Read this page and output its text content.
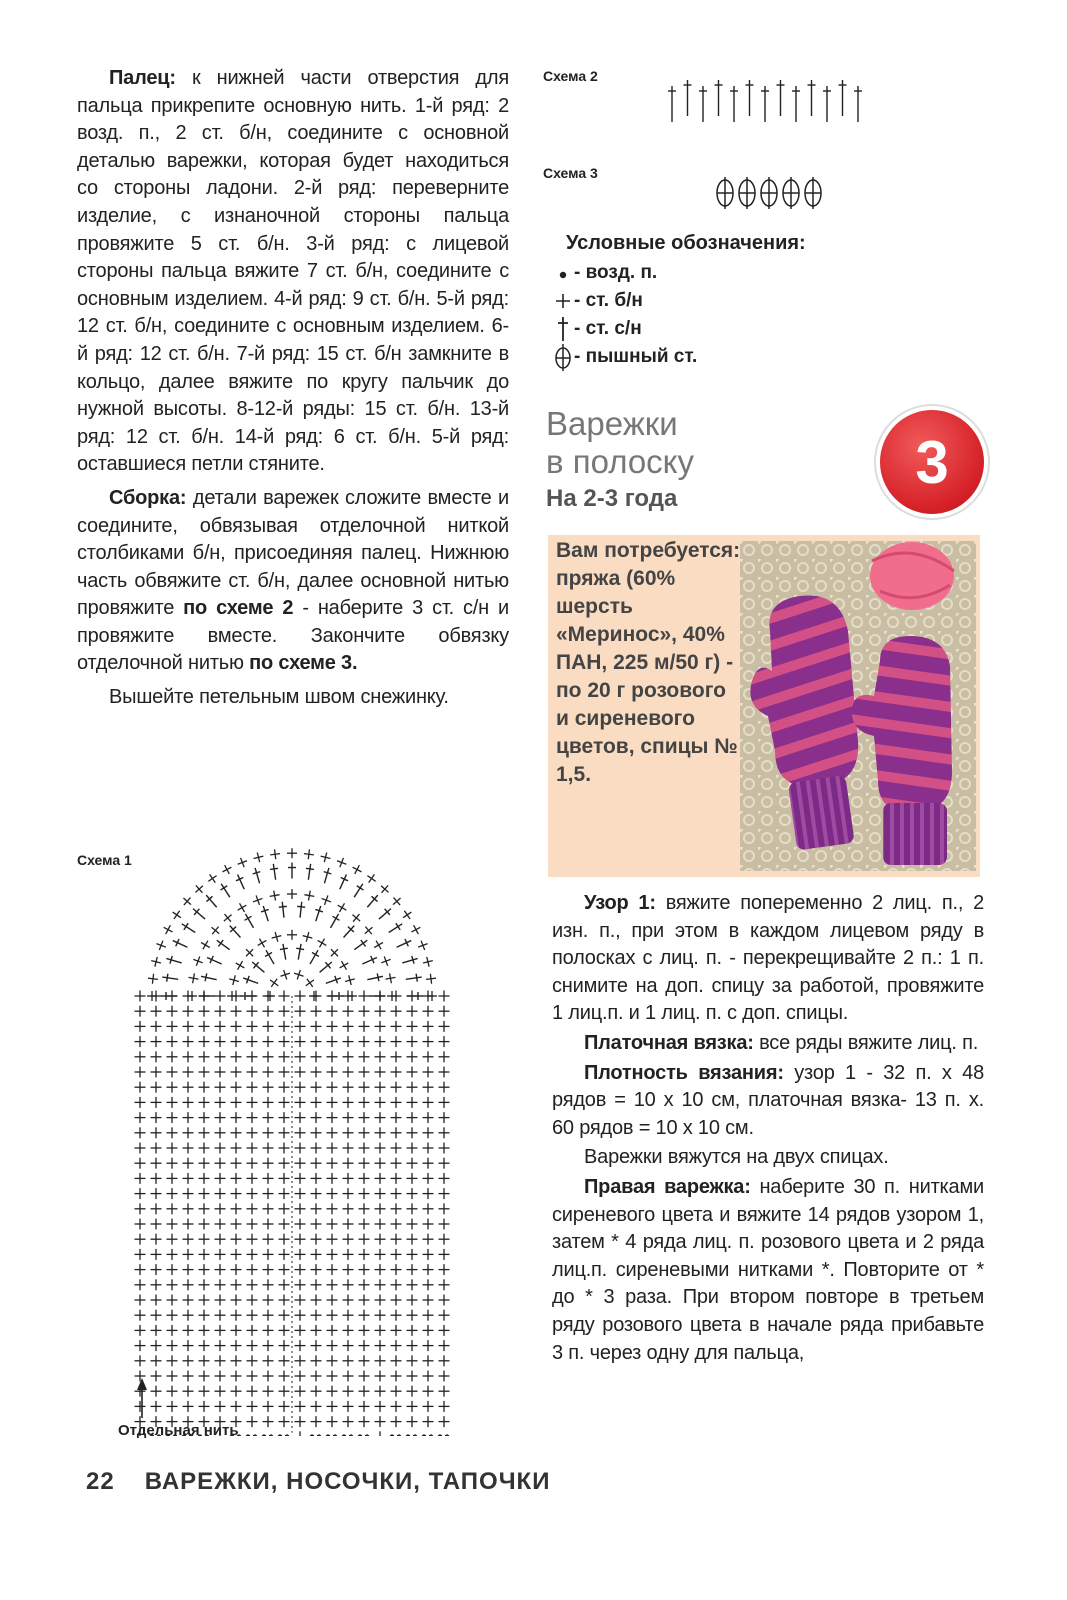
Палец: к нижней части отверстия для пальца прикрепите основную нить. 1-й ряд: 2 возд. п., 2 ст. б/н, соедините с основной деталью варежки, которая будет находиться со стороны ладони. 2-й ряд: переверните изделие, с изнаночной стороны пальца провяжите 5 ст. б/н. 3-й ряд: с лицевой стороны пальца вяжите 7 ст. б/н, соедините с основным изделием. 4-й ряд: 9 ст. б/н. 5-й ряд: 12 ст. б/н, соедините с основным изделием. 6-й ряд: 12 ст. б/н. 7-й ряд: 15 ст. б/н замкните в кольцо, далее вяжите по кругу пальчик до нужной высоты. 8-12-й ряды: 15 ст. б/н. 13-й ряд: 12 ст. б/н. 14-й ряд: 6 ст. б/н. 5-й ряд: оставшиеся петли стяните.

Сборка: детали варежек сложите вместе и соедините, обвязывая отделочной ниткой столбиками б/н, присоединяя палец. Нижнюю часть обвяжите ст. б/н, далее основной нитью провяжите по схеме 2 - наберите 3 ст. с/н и провяжите вместе. Закончите обвязку отделочной нитью по схеме 3.

Вышейте петельным швом снежинку.

Схема 1
Отдельная нить
Схема 2
Схема 3

Условные обозначения:

- возд. п.
- ст. б/н
- ст. с/н
- пышный ст.

Варежки

в полоску

На 2-3 года

3
Вам потребуется: пряжа (60% шерсть «Меринос», 40% ПАН, 225 м/50 г) - по 20 г розового и сиреневого цветов, спицы № 1,5.

Узор 1: вяжите попеременно 2 лиц. п., 2 изн. п., при этом в каждом лицевом ряду в полосках с лиц. п. - перекрещивайте 2 п.: 1 п. снимите на доп. спицу за работой, провяжите 1 лиц.п. и 1 лиц. п. с доп. спицы.

Платочная вязка: все ряды вяжите лиц. п.

Плотность вязания: узор 1 - 32 п. х 48 рядов = 10 х 10 см, платочная вязка- 13 п. х. 60 рядов = 10 х 10 см.

Варежки вяжутся на двух спицах.

Правая варежка: наберите 30 п. нитками сиреневого цвета и вяжите 14 рядов узором 1, затем * 4 ряда лиц. п. розового цвета и 2 ряда лиц.п. сиреневыми нитками *. Повторите от * до * 3 раза. При втором повторе в третьем ряду розового цвета в начале ряда прибавьте 3 п. через одну для пальца,

22 ВАРЕЖКИ, НОСОЧКИ, ТАПОЧКИ
